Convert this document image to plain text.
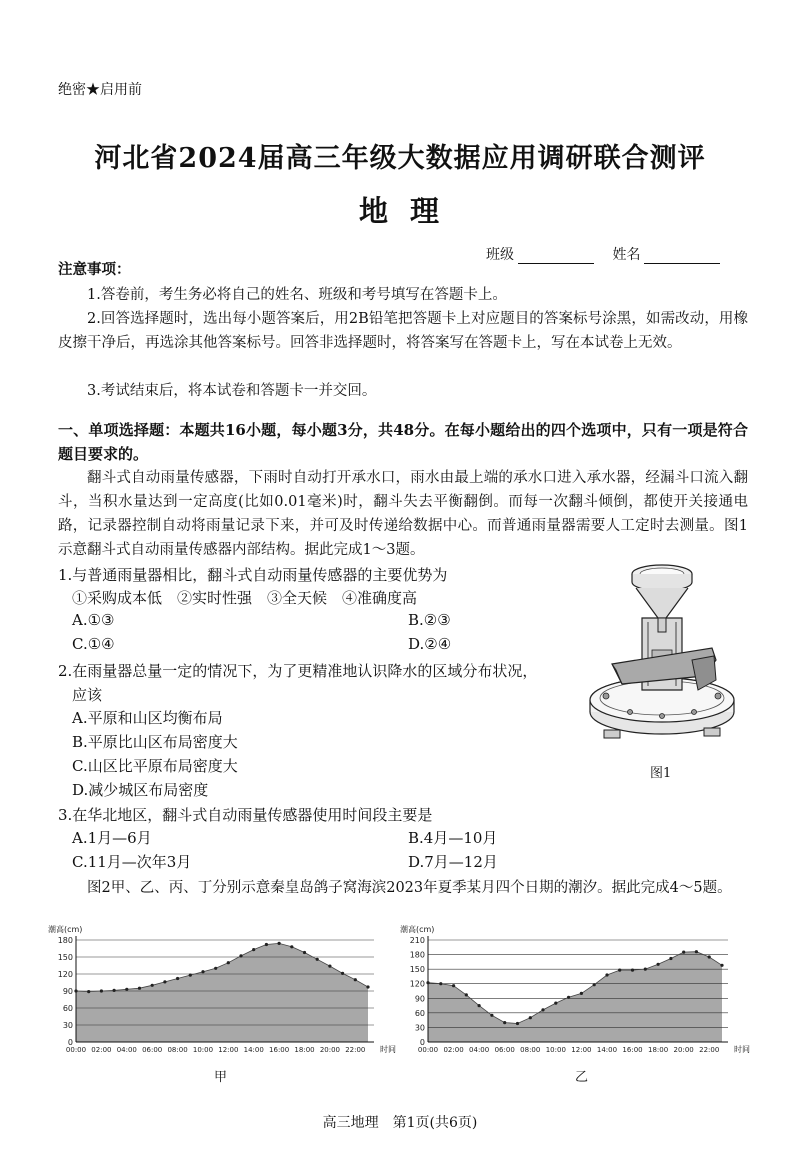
绝密★启用前
河北省2024届高三年级大数据应用调研联合测评
地理
班级	姓名
注意事项：
1.答卷前，考生务必将自己的姓名、班级和考号填写在答题卡上。
2.回答选择题时，选出每小题答案后，用2B铅笔把答题卡上对应题目的答案标号涂黑，如需改动，用橡皮擦干净后，再选涂其他答案标号。回答非选择题时，将答案写在答题卡上，写在本试卷上无效。
3.考试结束后，将本试卷和答题卡一并交回。
一、单项选择题：本题共16小题，每小题3分，共48分。在每小题给出的四个选项中，只有一项是符合题目要求的。
翻斗式自动雨量传感器，下雨时自动打开承水口，雨水由最上端的承水口进入承水器，经漏斗口流入翻斗，当积水量达到一定高度(比如0.01毫米)时，翻斗失去平衡翻倒。而每一次翻斗倾倒，都使开关接通电路，记录器控制自动将雨量记录下来，并可及时传递给数据中心。而普通雨量器需要人工定时去测量。图1示意翻斗式自动雨量传感器内部结构。据此完成1～3题。
1.与普通雨量器相比，翻斗式自动雨量传感器的主要优势为
①采购成本低　②实时性强　③全天候　④准确度高
A.①③	B.②③
C.①④	D.②④
2.在雨量器总量一定的情况下，为了更精准地认识降水的区域分布状况，
应该
A.平原和山区均衡布局
B.平原比山区布局密度大
C.山区比平原布局密度大
D.减少城区布局密度
图1
3.在华北地区，翻斗式自动雨量传感器使用时间段主要是
A.1月—6月	B.4月—10月
C.11月—次年3月	D.7月—12月
图2甲、乙、丙、丁分别示意秦皇岛鸽子窝海滨2023年夏季某月四个日期的潮汐。据此完成4～5题。
潮高(cm)
0
30
60
90
120
150
180
00:00 02:00 04:00 06:00 08:00 10:00 12:00 14:00 16:00 18:00 20:00 22:00 时间
潮高(cm)
0
30
60
90
120
150
180
210
00:00 02:00 04:00 06:00 08:00 10:00 12:00 14:00 16:00 18:00 20:00 22:00 时间
甲	乙
高三地理　第1页(共6页)
